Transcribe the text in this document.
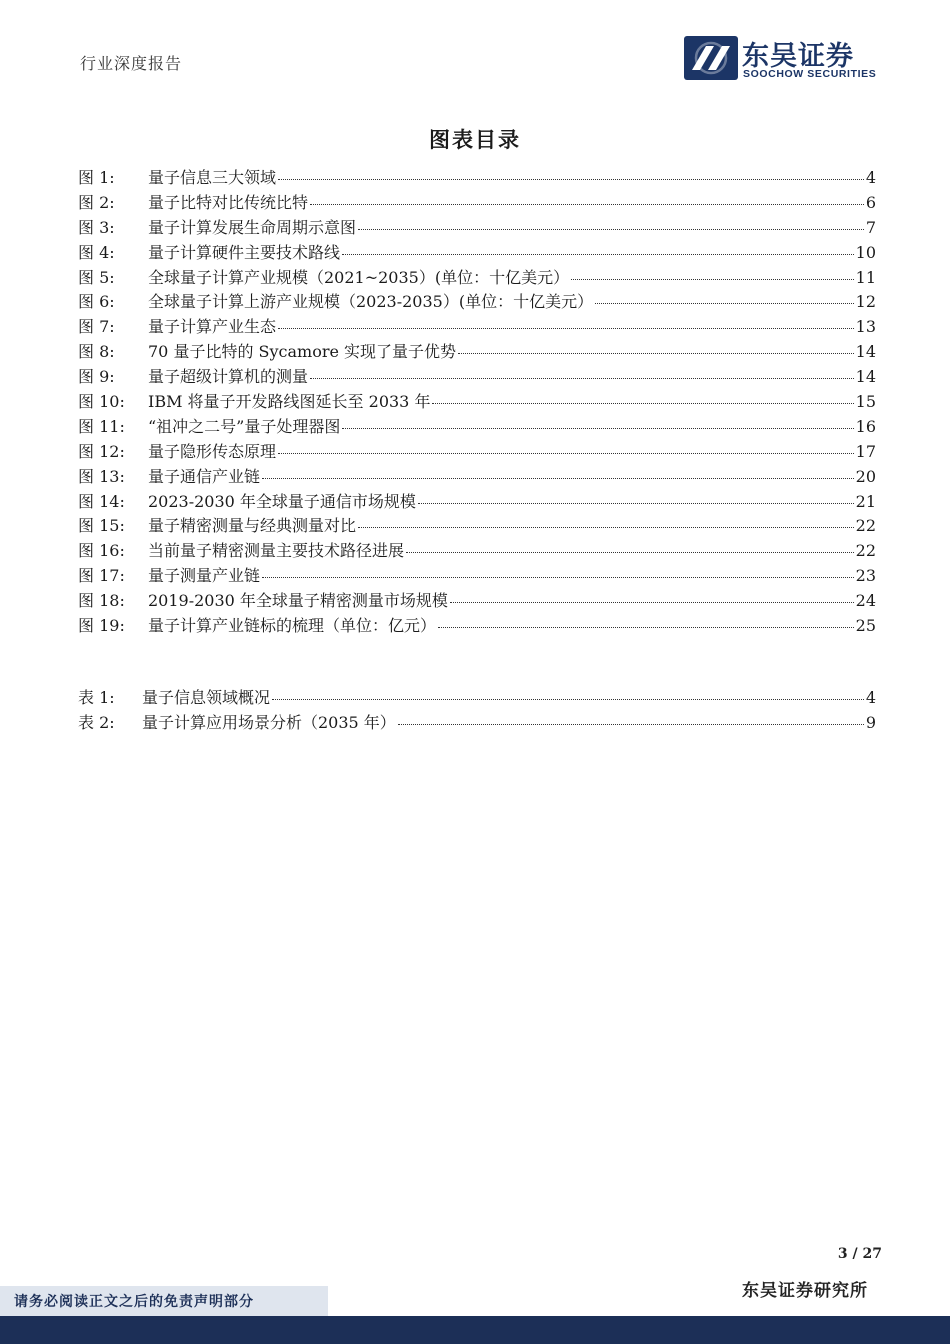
行业深度报告	东吴证券
SOOCHOW SECURITIES
图表目录
图 1:	量子信息三大领域	4
图 2:	量子比特对比传统比特	6
图 3:	量子计算发展生命周期示意图	7
图 4:	量子计算硬件主要技术路线	10
图 5:	全球量子计算产业规模（2021~2035）(单位：十亿美元）	11
图 6:	全球量子计算上游产业规模（2023-2035）(单位：十亿美元）	12
图 7:	量子计算产业生态	13
图 8:	70 量子比特的 Sycamore 实现了量子优势	14
图 9:	量子超级计算机的测量	14
图 10:	IBM 将量子开发路线图延长至 2033 年	15
图 11:	“祖冲之二号”量子处理器图	16
图 12:	量子隐形传态原理	17
图 13:	量子通信产业链	20
图 14:	2023-2030 年全球量子通信市场规模	21
图 15:	量子精密测量与经典测量对比	22
图 16:	当前量子精密测量主要技术路径进展	22
图 17:	量子测量产业链	23
图 18:	2019-2030 年全球量子精密测量市场规模	24
图 19:	量子计算产业链标的梳理（单位：亿元）	25
表 1:	量子信息领域概况	4
表 2:	量子计算应用场景分析（2035 年）	9
3 / 27
东吴证券研究所
请务必阅读正文之后的免责声明部分
